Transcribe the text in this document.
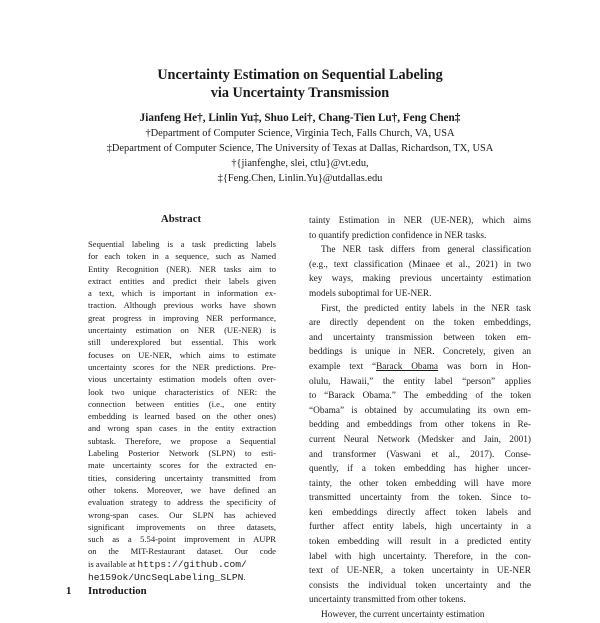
Uncertainty Estimation on Sequential Labeling
via Uncertainty Transmission
Jianfeng He†, Linlin Yu‡, Shuo Lei†, Chang-Tien Lu†, Feng Chen‡
†Department of Computer Science, Virginia Tech, Falls Church, VA, USA
‡Department of Computer Science, The University of Texas at Dallas, Richardson, TX, USA
†{jianfenghe, slei, ctlu}@vt.edu,
‡{Feng.Chen, Linlin.Yu}@utdallas.edu
Abstract
Sequential labeling is a task predicting labels
for each token in a sequence, such as Named
Entity Recognition (NER). NER tasks aim to
extract entities and predict their labels given
a text, which is important in information ex-
traction. Although previous works have shown
great progress in improving NER performance,
uncertainty estimation on NER (UE-NER) is
still underexplored but essential. This work
focuses on UE-NER, which aims to estimate
uncertainty scores for the NER predictions. Pre-
vious uncertainty estimation models often over-
look two unique characteristics of NER: the
connection between entities (i.e., one entity
embedding is learned based on the other ones)
and wrong span cases in the entity extraction
subtask. Therefore, we propose a Sequential
Labeling Posterior Network (SLPN) to esti-
mate uncertainty scores for the extracted en-
tities, considering uncertainty transmitted from
other tokens. Moreover, we have defined an
evaluation strategy to address the specificity of
wrong-span cases. Our SLPN has achieved
significant improvements on three datasets,
such as a 5.54-point improvement in AUPR
on the MIT-Restaurant dataset. Our code
is available at https://github.com/
he159ok/UncSeqLabeling_SLPN.
1 Introduction
tainty Estimation in NER (UE-NER), which aims
to quantify prediction confidence in NER tasks.
The NER task differs from general classification
(e.g., text classification (Minaee et al., 2021) in two
key ways, making previous uncertainty estimation
models suboptimal for UE-NER.
First, the predicted entity labels in the NER task
are directly dependent on the token embeddings,
and uncertainty transmission between token em-
beddings is unique in NER. Concretely, given an
example text “Barack Obama was born in Hon-
olulu, Hawaii,” the entity label “person” applies
to “Barack Obama.” The embedding of the token
“Obama” is obtained by accumulating its own em-
bedding and embeddings from other tokens in Re-
current Neural Network (Medsker and Jain, 2001)
and transformer (Vaswani et al., 2017). Conse-
quently, if a token embedding has higher uncer-
tainty, the other token embedding will have more
transmitted uncertainty from the token. Since to-
ken embeddings directly affect token labels and
further affect entity labels, high uncertainty in a
token embedding will result in a predicted entity
label with high uncertainty. Therefore, in the con-
text of UE-NER, a token uncertainty in UE-NER
consists the individual token uncertainty and the
uncertainty transmitted from other tokens.
However, the current uncertainty estimation
